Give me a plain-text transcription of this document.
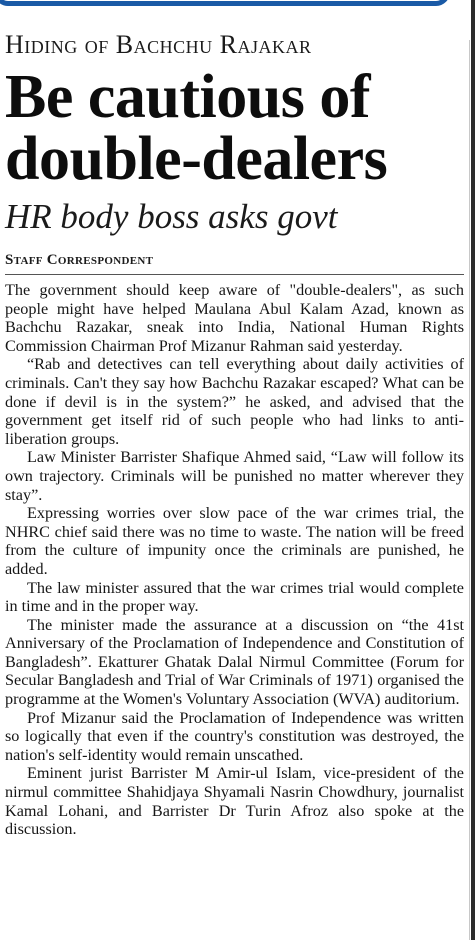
Hiding of Bachchu Rajakar
Be cautious of
double-dealers
HR body boss asks govt
Staff Correspondent

The government should keep aware of "double-dealers", as such people might have helped Maulana Abul Kalam Azad, known as Bachchu Razakar, sneak into India, National Human Rights Commission Chairman Prof Mizanur Rahman said yesterday.

“Rab and detectives can tell everything about daily activities of criminals. Can't they say how Bachchu Razakar escaped? What can be done if devil is in the system?” he asked, and advised that the government get itself rid of such people who had links to anti-liberation groups.

Law Minister Barrister Shafique Ahmed said, “Law will follow its own trajectory. Criminals will be punished no matter wherever they stay”.

Expressing worries over slow pace of the war crimes trial, the NHRC chief said there was no time to waste. The nation will be freed from the culture of impunity once the criminals are punished, he added.

The law minister assured that the war crimes trial would complete in time and in the proper way.

The minister made the assurance at a discussion on “the 41st Anniversary of the Proclamation of Independence and Constitution of Bangladesh”. Ekatturer Ghatak Dalal Nirmul Committee (Forum for Secular Bangladesh and Trial of War Criminals of 1971) organised the programme at the Women's Voluntary Association (WVA) auditorium.

Prof Mizanur said the Proclamation of Independence was written so logically that even if the country's constitution was destroyed, the nation's self-identity would remain unscathed.

Eminent jurist Barrister M Amir-ul Islam, vice-president of the nirmul committee Shahidjaya Shyamali Nasrin Chowdhury, journalist Kamal Lohani, and Barrister Dr Turin Afroz also spoke at the discussion.
